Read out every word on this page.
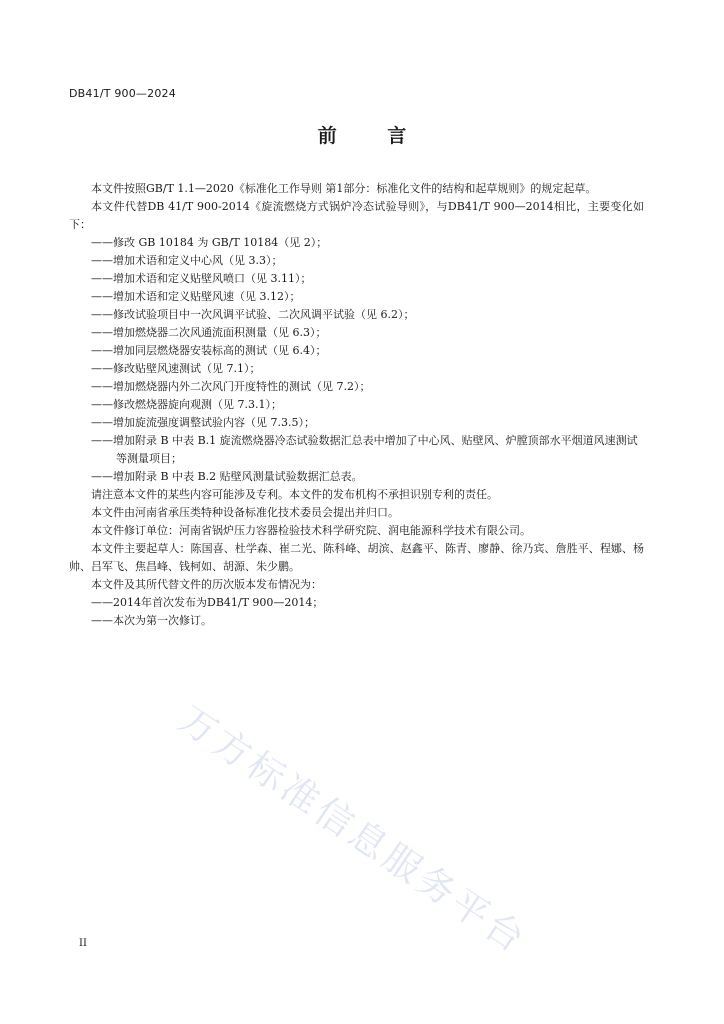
DB41/T 900—2024
前 言

本文件按照GB/T 1.1—2020《标准化工作导则 第1部分：标准化文件的结构和起草规则》的规定起草。

本文件代替DB 41/T 900-2014《旋流燃烧方式锅炉冷态试验导则》，与DB41/T 900—2014相比，主要变化如下：

——修改 GB 10184 为 GB/T 10184（见 2）；

——增加术语和定义中心风（见 3.3）；

——增加术语和定义贴壁风喷口（见 3.11）；

——增加术语和定义贴壁风速（见 3.12）；

——修改试验项目中一次风调平试验、二次风调平试验（见 6.2）；

——增加燃烧器二次风通流面积测量（见 6.3）；

——增加同层燃烧器安装标高的测试（见 6.4）；

——修改贴壁风速测试（见 7.1）；

——增加燃烧器内外二次风门开度特性的测试（见 7.2）；

——修改燃烧器旋向观测（见 7.3.1）；

——增加旋流强度调整试验内容（见 7.3.5）；

——增加附录 B 中表 B.1 旋流燃烧器冷态试验数据汇总表中增加了中心风、贴壁风、炉膛顶部水平烟道风速测试等测量项目；

——增加附录 B 中表 B.2 贴壁风测量试验数据汇总表。

请注意本文件的某些内容可能涉及专利。本文件的发布机构不承担识别专利的责任。

本文件由河南省承压类特种设备标准化技术委员会提出并归口。

本文件修订单位：河南省锅炉压力容器检验技术科学研究院、润电能源科学技术有限公司。

本文件主要起草人：陈国喜、杜学森、崔二光、陈科峰、胡滨、赵鑫平、陈青、廖静、徐乃宾、詹胜平、程娜、杨帅、吕军飞、焦昌峰、钱柯如、胡源、朱少鹏。

本文件及其所代替文件的历次版本发布情况为：

——2014年首次发布为DB41/T 900—2014；

——本次为第一次修订。

万方标准信息服务平台
II
